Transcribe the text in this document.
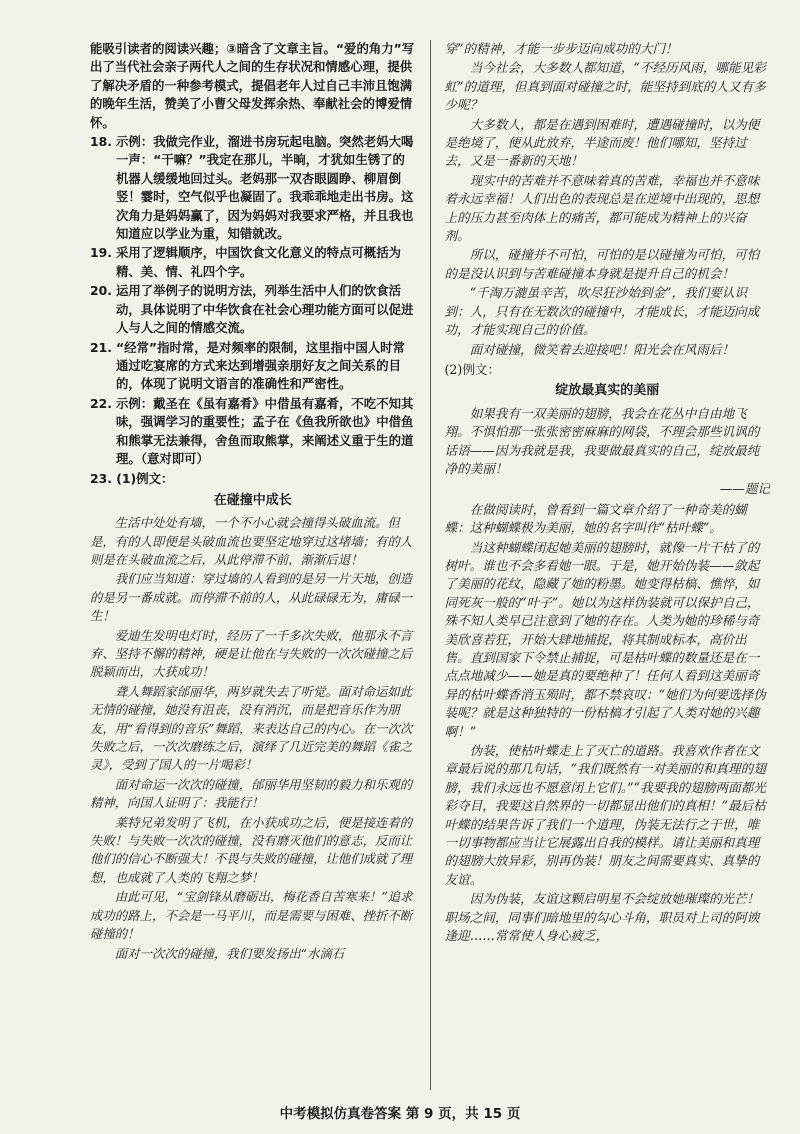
能吸引读者的阅读兴趣；③暗含了文章主旨。“爱的角力”写出了当代社会亲子两代人之间的生存状况和情感心理，提供了解决矛盾的一种参考模式，提倡老年人过自己丰沛且饱满的晚年生活，赞美了小曹父母发挥余热、奉献社会的博爱情怀。
18. 示例：我做完作业，溜进书房玩起电脑。突然老妈大喝一声：“干嘛？”我定在那儿，半晌，才犹如生锈了的机器人缓缓地回过头。老妈那一双杏眼圆睁、柳眉倒竖！霎时，空气似乎也凝固了。我乖乖地走出书房。这次角力是妈妈赢了，因为妈妈对我要求严格，并且我也知道应以学业为重，知错就改。
19. 采用了逻辑顺序，中国饮食文化意义的特点可概括为精、美、情、礼四个字。
20. 运用了举例子的说明方法，列举生活中人们的饮食活动，具体说明了中华饮食在社会心理功能方面可以促进人与人之间的情感交流。
21. “经常”指时常，是对频率的限制，这里指中国人时常通过吃宴席的方式来达到增强亲朋好友之间关系的目的，体现了说明文语言的准确性和严密性。
22. 示例：戴圣在《虽有嘉肴》中借虽有嘉肴，不吃不知其味，强调学习的重要性；孟子在《鱼我所欲也》中借鱼和熊掌无法兼得，舍鱼而取熊掌，来阐述义重于生的道理。（意对即可）
23. (1)例文：
在碰撞中成长
生活中处处有墙，一个不小心就会撞得头破血流。但是，有的人即便是头破血流也要坚定地穿过这堵墙；有的人则是在头破血流之后，从此停滞不前，渐渐后退！
我们应当知道：穿过墙的人看到的是另一片天地，创造的是另一番成就。而停滞不前的人，从此碌碌无为，庸碌一生！
爱迪生发明电灯时，经历了一千多次失败，他那永不言弃、坚持不懈的精神，硬是让他在与失败的一次次碰撞之后脱颖而出，大获成功！
聋人舞蹈家邰丽华，两岁就失去了听觉。面对命运如此无情的碰撞，她没有沮丧，没有消沉，而是把音乐作为朋友，用“看得到的音乐”舞蹈，来表达自己的内心。在一次次失败之后，一次次磨练之后，演绎了几近完美的舞蹈《雀之灵》，受到了国人的一片喝彩！
面对命运一次次的碰撞，邰丽华用坚韧的毅力和乐观的精神，向国人证明了：我能行！
莱特兄弟发明了飞机，在小获成功之后，便是接连着的失败！与失败一次次的碰撞，没有磨灭他们的意志，反而让他们的信心不断强大！不畏与失败的碰撞，让他们成就了理想，也成就了人类的飞翔之梦！
由此可见，“宝剑锋从磨砺出，梅花香自苦寒来！”追求成功的路上，不会是一马平川，而是需要与困难、挫折不断碰撞的！
面对一次次的碰撞，我们要发扬出“水滴石
穿”的精神，才能一步步迈向成功的大门！
当今社会，大多数人都知道，“不经历风雨，哪能见彩虹”的道理，但真到面对碰撞之时，能坚持到底的人又有多少呢？
大多数人，都是在遇到困难时，遭遇碰撞时，以为便是绝境了，便从此放弃，半途而废！他们哪知，坚持过去，又是一番新的天地！
现实中的苦难并不意味着真的苦难，幸福也并不意味着永远幸福！人们出色的表现总是在逆境中出现的，思想上的压力甚至肉体上的痛苦，都可能成为精神上的兴奋剂。
所以，碰撞并不可怕，可怕的是以碰撞为可怕，可怕的是没认识到与苦难碰撞本身就是提升自己的机会！
“千淘万漉虽辛苦，吹尽狂沙始到金”，我们要认识到：人，只有在无数次的碰撞中，才能成长，才能迈向成功，才能实现自己的价值。
面对碰撞，微笑着去迎接吧！阳光会在风雨后！
(2)例文：
绽放最真实的美丽
如果我有一双美丽的翅膀，我会在花丛中自由地飞翔。不惧怕那一张张密密麻麻的网袋，不理会那些讥讽的话语——因为我就是我，我要做最真实的自己，绽放最纯净的美丽！
——题记
在做阅读时，曾看到一篇文章介绍了一种奇美的蝴蝶：这种蝴蝶极为美丽，她的名字叫作“枯叶蝶”。
当这种蝴蝶闭起她美丽的翅膀时，就像一片干枯了的树叶。谁也不会多看她一眼。于是，她开始伪装——敛起了美丽的花纹，隐藏了她的粉墨。她变得枯槁、憔悴，如同死灰一般的“叶子”。她以为这样伪装就可以保护自己，殊不知人类早已注意到了她的存在。人类为她的珍稀与奇美欣喜若狂，开始大肆地捕捉，将其制成标本，高价出售。直到国家下令禁止捕捉，可是枯叶蝶的数量还是在一点点地减少——她是真的要绝种了！任何人看到这美丽奇异的枯叶蝶香消玉殒时，都不禁哀叹：“她们为何要选择伪装呢？就是这种独特的一份枯槁才引起了人类对她的兴趣啊！”
伪装，使枯叶蝶走上了灭亡的道路。我喜欢作者在文章最后说的那几句话，“我们既然有一对美丽的和真理的翅膀，我们永远也不愿意闭上它们。”“我要我的翅膀两面都光彩夺目，我要这自然界的一切都显出他们的真相！”最后枯叶蝶的结果告诉了我们一个道理，伪装无法行之于世，唯一切事物都应当让它展露出自我的模样。请让美丽和真理的翅膀大放异彩，别再伪装！朋友之间需要真实、真挚的友谊。
因为伪装，友谊这颗启明星不会绽放她璀璨的光芒！职场之间，同事们暗地里的勾心斗角，职员对上司的阿谀逢迎……常常使人身心疲乏，
中考模拟仿真卷答案 第 9 页，共 15 页
